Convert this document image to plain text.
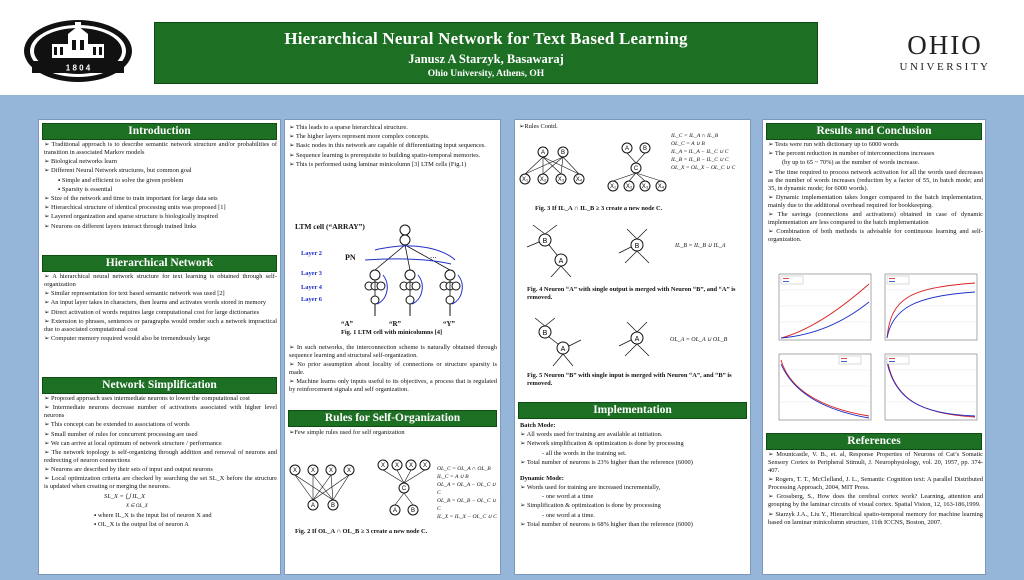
1 8 0 4
Hierarchical Neural Network for Text Based Learning
Janusz A Starzyk, Basawaraj
Ohio University, Athens, OH
OHIO
UNIVERSITY
Introduction

➢ Traditional approach is to describe semantic network structure and/or probabilities of transition in associated Markov models

➢ Biological networks learn

➢ Different Neural Network structures, but common goal

▪ Simple and efficient to solve the given problem

▪ Sparsity is essential

➢ Size of the network and time to train important for large data sets

➢ Hierarchical structure of identical processing units was proposed [1]

➢ Layered organization and sparse structure is biologically inspired

➢ Neurons on different layers interact through trained links

Hierarchical Network

➢ A hierarchical neural network structure for text learning is obtained through self-organization

➢ Similar representation for text based semantic network was used [2]

➢ An input layer takes in characters, then learns and activates words stored in memory

➢ Direct activation of words requires large computational cost for large dictionaries

➢ Extension to phrases, sentences or paragraphs would render such a network impractical due to associated computational cost

➢ Computer memory required would also be tremendously large

Network Simplification

➢ Proposed approach uses intermediate neurons to lower the computational cost

➢ Intermediate neurons decrease number of activations associated with higher level neurons

➢ This concept can be extended to associations of words

➢ Small number of rules for concurrent processing are used

➢ We can arrive at local optimum of network structure / performance

➢ The network topology is self-organizing through addition and removal of neurons and redirecting of neuron connections

➢ Neurons are described by their sets of input and output neurons

➢ Local optimization criteria are checked by searching the set SL_X before the structure is updated when creating or merging the neurons.

SL_X = ⋃ IL_X

X ∈ OL_X

▪ where IL_X is the input list of neuron X and

▪ OL_X is the output list of neuron A

➢ This leads to a sparse hierarchical structure.

➢ The higher layers represent more complex concepts.

➢ Basic nodes in this network are capable of differentiating input sequences.

➢ Sequence learning is prerequisite to building spatio-temporal memories.

➢ This is performed using laminar minicolumn [3] LTM cells (Fig.1)

LTM cell (“ARRAY”)
Layer 2
Layer 3
Layer 4
Layer 6
PN	...
“A”	“R”	“Y”
Fig. 1 LTM cell with minicolumns [4]

➢ In such networks, the interconnection scheme is naturally obtained through sequence learning and structural self-organization.

➢ No prior assumption about locality of connections or structure sparsity is made.

➢ Machine learns only inputs useful to its objectives, a process that is regulated by reinforcement signals and self organization.

Rules for Self-Organization
➢Few simple rules used for self organization
X X X X
A	B
X X X X
C
A B
OL_C = OL_A ∩ OL_B
IL_C = A ∪ B
OL_A = OL_A − OL_C ∪ C
OL_B = OL_B − OL_C ∪ C
IL_X = IL_X − OL_C ∪ C
Fig. 2 If OL_A ∩ OL_B ≥ 3 create a new node C.
➢Rules Contd.
A	B
X₁ X₂ X₃ X₄
A B
C
X₁ X₂ X₃ X₄
IL_C = IL_A ∩ IL_B
OL_C = A ∪ B
IL_A = IL_A − IL_C ∪ C
IL_B = IL_B − IL_C ∪ C
OL_X = OL_X − OL_C ∪ C
Fig. 3 If IL_A ∩ IL_B ≥ 3 create a new node C.
B
A
B	IL_B = IL_B ∪ IL_A
Fig. 4 Neuron “A” with single output is merged with Neuron “B”, and “A” is removed.
B
A
A	OL_A = OL_A ∪ OL_B
Fig. 5 Neuron “B” with single input is merged with Neuron “A”, and “B” is removed.
Implementation

Batch Mode:

➢ All words used for training are available at initiation.

➢ Network simplification & optimization is done by processing

- all the words in the training set.

➢ Total number of neurons is 23% higher than the reference (6000)

Dynamic Mode:

➢ Words used for training are increased incrementally,

- one word at a time

➢ Simplification & optimization is done by processing

- one word at a time.

➢ Total number of neurons is 68% higher than the reference (6000)

Results and Conclusion

➢ Tests were run with dictionary up to 6000 words

➢ The percent reduction in number of interconnections increases

(by up to 65 ~ 70%) as the number of words increase.

➢ The time required to process network activation for all the words used decreases as the number of words increases (reduction by a factor of 55, in batch mode; and 35, in dynamic mode; for 6000 words).

➢ Dynamic implementation takes longer compared to the batch implementation, mainly due to the additional overhead required for bookkeeping.

➢ The savings (connections and activations) obtained in case of dynamic implementation are less compared to the batch implementation

➢ Combination of both methods is advisable for continuous learning and self-organization.

References

➢ Mountcastle, V. B., et. al, Response Properties of Neurons of Cat’s Somatic Sensory Cortex to Peripheral Stimuli, J. Neurophysiology, vol. 20, 1957, pp. 374-407.

➢ Rogers, T. T., McClelland, J. L., Semantic Cognition text: A parallel Distributed Processing Approach, 2004, MIT Press.

➢ Grossberg, S., How does the cerebral cortex work? Learning, attention and grouping by the laminar circuits of visual cortex. Spatial Vision, 12, 163-186,1999.

➢ Starzyk J.A., Liu Y., Hierarchical spatio-temporal memory for machine learning based on laminar minicolumn structure, 11th ICCNS, Boston, 2007.
